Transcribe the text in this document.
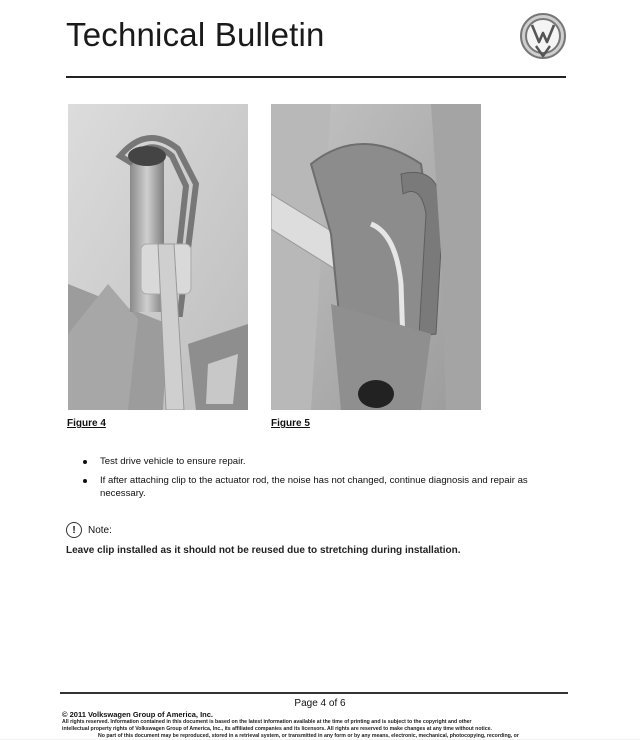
Technical Bulletin
Figure 4	Figure 5
Test drive vehicle to ensure repair.
If after attaching clip to the actuator rod, the noise has not changed, continue diagnosis and repair as necessary.
!	Note:
Leave clip installed as it should not be reused due to stretching during installation.
Page 4 of 6
© 2011 Volkswagen Group of America, Inc.
All rights reserved. Information contained in this document is based on the latest information available at the time of printing and is subject to the copyright and other
intellectual property rights of Volkswagen Group of America, Inc., its affiliated companies and its licensors. All rights are reserved to make changes at any time without notice.
No part of this document may be reproduced, stored in a retrieval system, or transmitted in any form or by any means, electronic, mechanical, photocopying, recording, or
